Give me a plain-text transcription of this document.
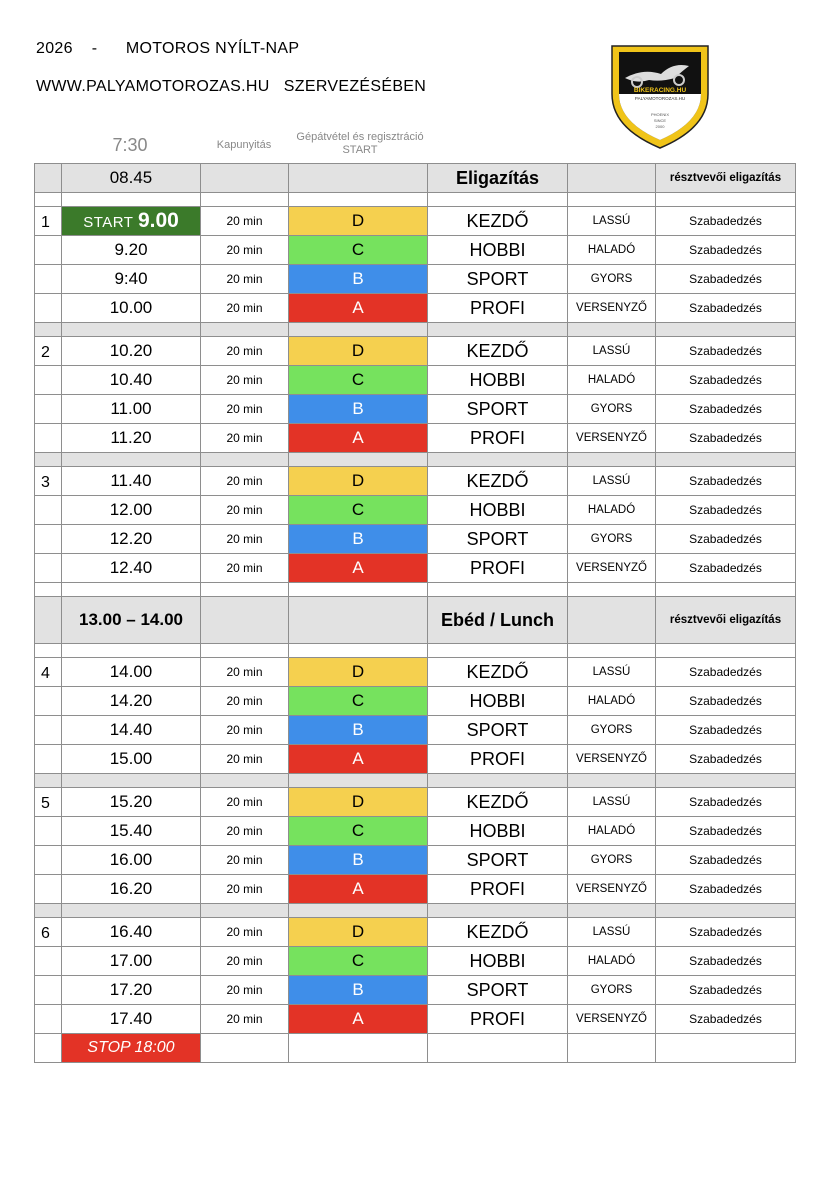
2026    -      MOTOROS NYÍLT-NAP
WWW.PALYAMOTOROZAS.HU   SZERVEZÉSÉBEN	BIKERACING.HU
PALYAMOTOROZAS.HU
PHOENIX
SINCE
2000
7:30	Kapunyitás
Gépátvétel és regisztráció START
	08.45			Eligazítás		résztvevői eligazítás

1	START 9.00	20 min	D	KEZDŐ	LASSÚ	Szabadedzés
	9.20	20 min	C	HOBBI	HALADÓ	Szabadedzés
	9:40	20 min	B	SPORT	GYORS	Szabadedzés
	10.00	20 min	A	PROFI	VERSENYZŐ	Szabadedzés

2	10.20	20 min	D	KEZDŐ	LASSÚ	Szabadedzés
	10.40	20 min	C	HOBBI	HALADÓ	Szabadedzés
	11.00	20 min	B	SPORT	GYORS	Szabadedzés
	11.20	20 min	A	PROFI	VERSENYZŐ	Szabadedzés

3	11.40	20 min	D	KEZDŐ	LASSÚ	Szabadedzés
	12.00	20 min	C	HOBBI	HALADÓ	Szabadedzés
	12.20	20 min	B	SPORT	GYORS	Szabadedzés
	12.40	20 min	A	PROFI	VERSENYZŐ	Szabadedzés

	13.00 – 14.00			Ebéd / Lunch		résztvevői eligazítás

4	14.00	20 min	D	KEZDŐ	LASSÚ	Szabadedzés
	14.20	20 min	C	HOBBI	HALADÓ	Szabadedzés
	14.40	20 min	B	SPORT	GYORS	Szabadedzés
	15.00	20 min	A	PROFI	VERSENYZŐ	Szabadedzés

5	15.20	20 min	D	KEZDŐ	LASSÚ	Szabadedzés
	15.40	20 min	C	HOBBI	HALADÓ	Szabadedzés
	16.00	20 min	B	SPORT	GYORS	Szabadedzés
	16.20	20 min	A	PROFI	VERSENYZŐ	Szabadedzés

6	16.40	20 min	D	KEZDŐ	LASSÚ	Szabadedzés
	17.00	20 min	C	HOBBI	HALADÓ	Szabadedzés
	17.20	20 min	B	SPORT	GYORS	Szabadedzés
	17.40	20 min	A	PROFI	VERSENYZŐ	Szabadedzés
	STOP 18:00					
